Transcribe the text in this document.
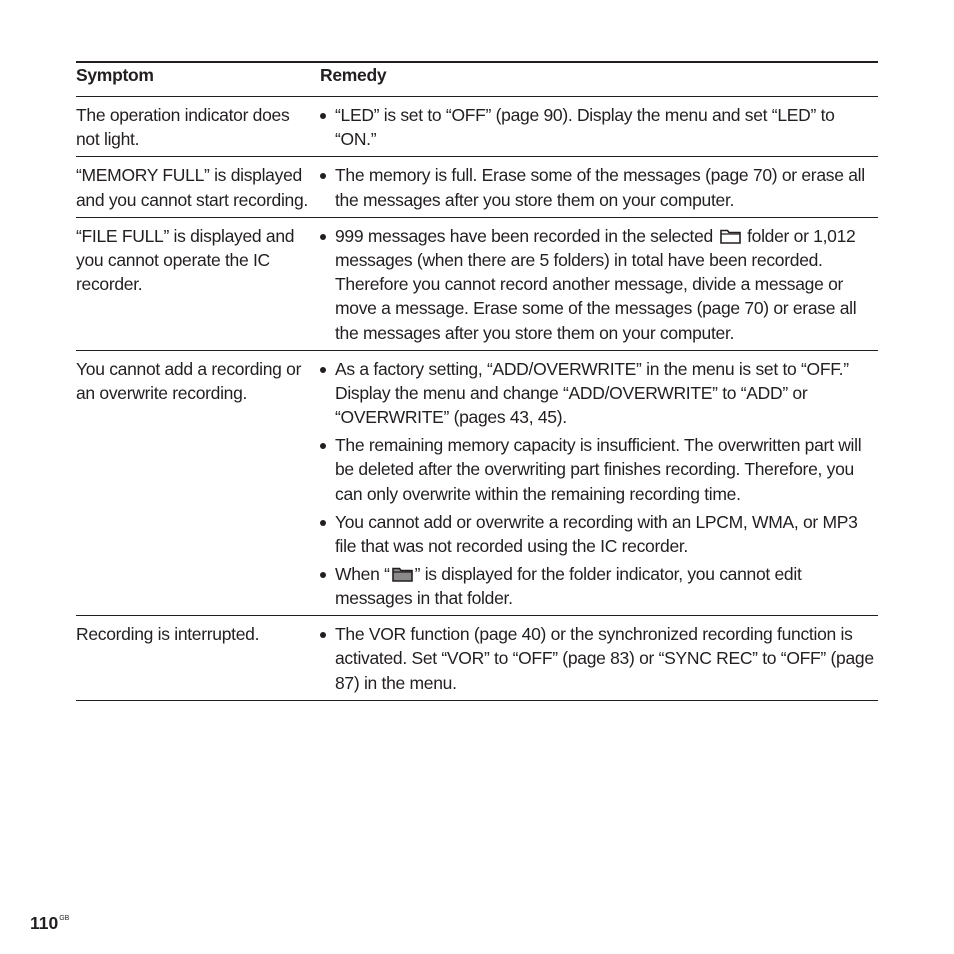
Symptom	Remedy
The operation indicator does not light.
“LED” is set to “OFF” (page 90). Display the menu and set “LED” to “ON.”
“MEMORY FULL” is displayed and you cannot start recording.
The memory is full. Erase some of the messages (page 70) or erase all the messages after you store them on your computer.
“FILE FULL” is displayed and you cannot operate the IC recorder.
999 messages have been recorded in the selected folder or 1,012 messages (when there are 5 folders) in total have been recorded. Therefore you cannot record another message, divide a message or move a message. Erase some of the messages (page 70) or erase all the messages after you store them on your computer.
You cannot add a recording or an overwrite recording.
As a factory setting, “ADD/OVERWRITE” in the menu is set to “OFF.” Display the menu and change “ADD/OVERWRITE” to “ADD” or “OVERWRITE” (pages 43, 45).
The remaining memory capacity is insufficient. The overwritten part will be deleted after the overwriting part finishes recording. Therefore, you can only overwrite within the remaining recording time.
You cannot add or overwrite a recording with an LPCM, WMA, or MP3 file that was not recorded using the IC recorder.
When “ ” is displayed for the folder indicator, you cannot edit messages in that folder.
Recording is interrupted.	The VOR function (page 40) or the synchronized recording function is activated. Set “VOR” to “OFF” (page 83) or “SYNC REC” to “OFF” (page 87) in the menu.
$110^{GB}$
